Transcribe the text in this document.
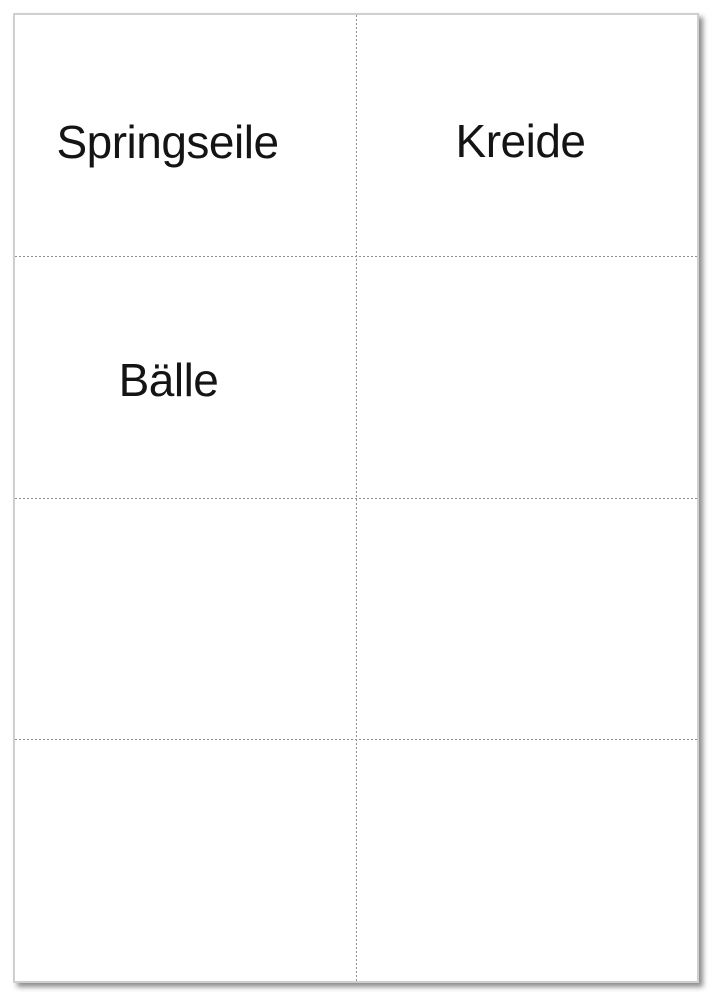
Springseile	Kreide
Bälle
